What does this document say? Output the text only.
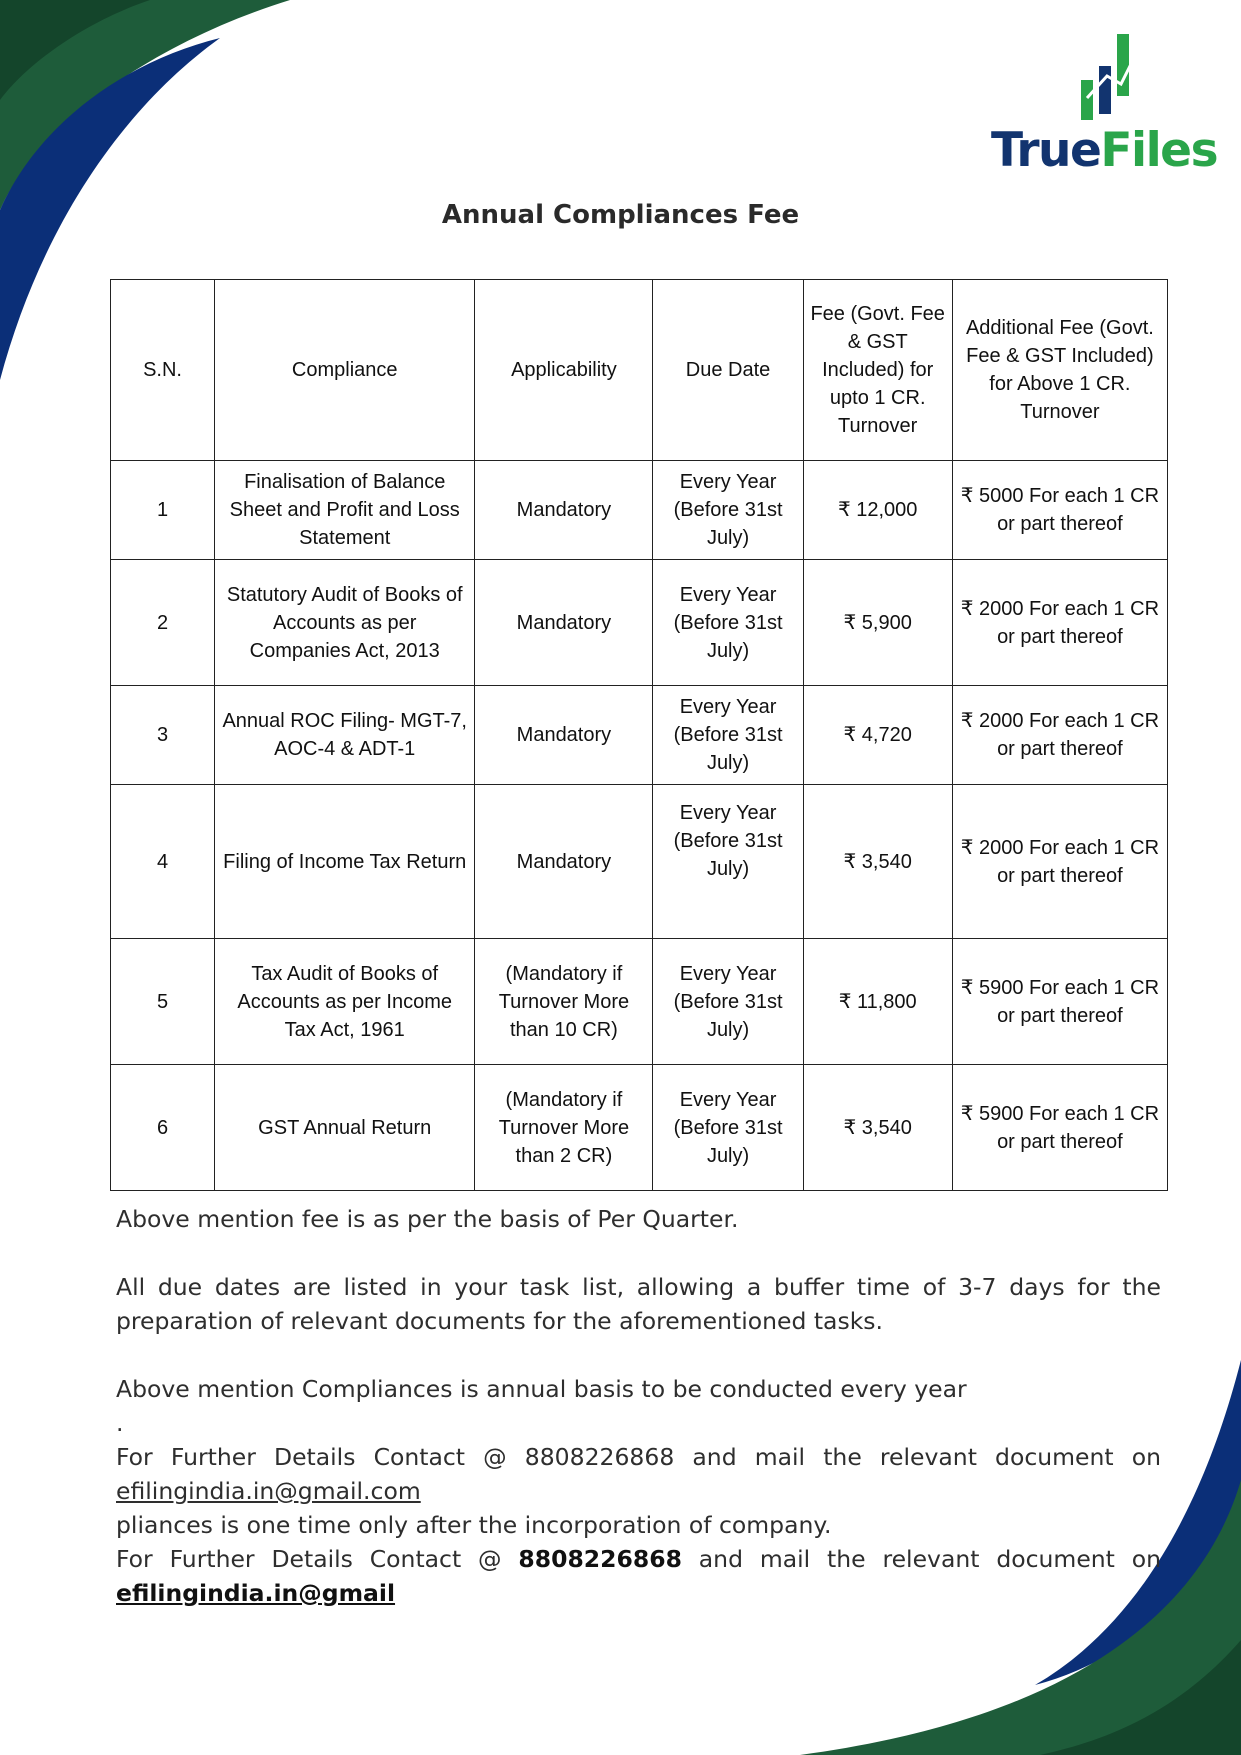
TrueFiles
Annual Compliances Fee
S.N.	Compliance	Applicability	Due Date	Fee (Govt. Fee & GST Included) for upto 1 CR. Turnover	Additional Fee (Govt. Fee & GST Included) for Above 1 CR. Turnover
1	Finalisation of Balance Sheet and Profit and Loss Statement	Mandatory	Every Year (Before 31st July)	₹ 12,000	₹ 5000 For each 1 CR or part thereof
2	Statutory Audit of Books of Accounts as per Companies Act, 2013	Mandatory	Every Year (Before 31st July)	₹ 5,900	₹ 2000 For each 1 CR or part thereof
3	Annual ROC Filing- MGT-7, AOC-4 & ADT-1	Mandatory	Every Year (Before 31st July)	₹ 4,720	₹ 2000 For each 1 CR or part thereof
4	Filing of Income Tax Return	Mandatory	Every Year (Before 31st July)	₹ 3,540	₹ 2000 For each 1 CR or part thereof
5	Tax Audit of Books of Accounts as per Income Tax Act, 1961	(Mandatory if Turnover More than 10 CR)	Every Year (Before 31st July)	₹ 11,800	₹ 5900 For each 1 CR or part thereof
6	GST Annual Return	(Mandatory if Turnover More than 2 CR)	Every Year (Before 31st July)	₹ 3,540	₹ 5900 For each 1 CR or part thereof

Above mention fee is as per the basis of Per Quarter.

All due dates are listed in your task list, allowing a buffer time of 3-7 days for the preparation of relevant documents for the aforementioned tasks.

Above mention Compliances is annual basis to be conducted every year

.

For Further Details Contact @ 8808226868 and mail the relevant document on efilingindia.in@gmail.com

pliances is one time only after the incorporation of company.

For Further Details Contact @ 8808226868 and mail the relevant document on efilingindia.in@gmail
